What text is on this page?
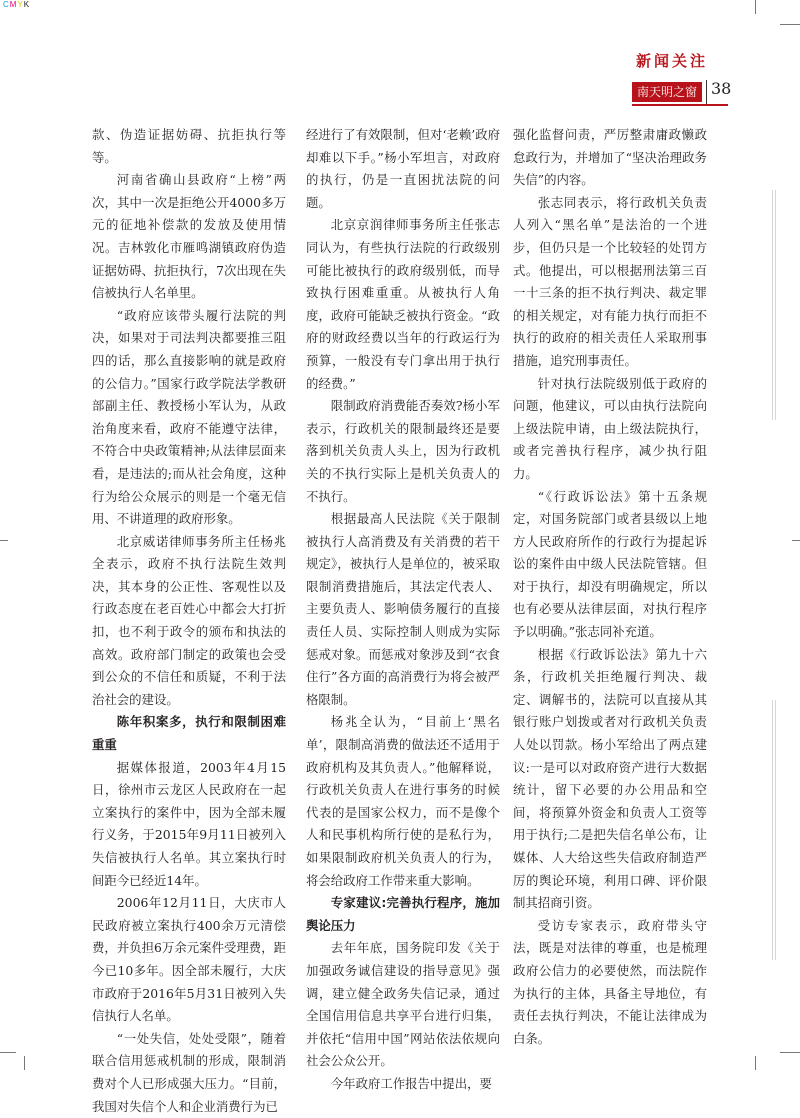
CMYK
新闻关注
南天明之窗 38

款、伪造证据妨碍、抗拒执行等等。

河南省确山县政府“上榜”两次，其中一次是拒绝公开4000多万元的征地补偿款的发放及使用情况。吉林敦化市雁鸣湖镇政府伪造证据妨碍、抗拒执行，7次出现在失信被执行人名单里。

“政府应该带头履行法院的判决，如果对于司法判决都要推三阻四的话，那么直接影响的就是政府的公信力。”国家行政学院法学教研部副主任、教授杨小军认为，从政治角度来看，政府不能遵守法律，不符合中央政策精神;从法律层面来看，是违法的;而从社会角度，这种行为给公众展示的则是一个毫无信用、不讲道理的政府形象。

北京威诺律师事务所主任杨兆全表示，政府不执行法院生效判决，其本身的公正性、客观性以及行政态度在老百姓心中都会大打折扣，也不利于政令的颁布和执法的高效。政府部门制定的政策也会受到公众的不信任和质疑，不利于法治社会的建设。

陈年积案多，执行和限制困难重重

据媒体报道，2003年4月15日，徐州市云龙区人民政府在一起立案执行的案件中，因为全部未履行义务，于2015年9月11日被列入失信被执行人名单。其立案执行时间距今已经近14年。

2006年12月11日，大庆市人民政府被立案执行400余万元清偿费，并负担6万余元案件受理费，距今已10多年。因全部未履行，大庆市政府于2016年5月31日被列入失信执行人名单。

“一处失信，处处受限”，随着联合信用惩戒机制的形成，限制消费对个人已形成强大压力。“目前，我国对失信个人和企业消费行为已

经进行了有效限制，但对‘老赖’政府却难以下手。”杨小军坦言，对政府的执行，仍是一直困扰法院的问题。

北京京润律师事务所主任张志同认为，有些执行法院的行政级别可能比被执行的政府级别低，而导致执行困难重重。从被执行人角度，政府可能缺乏被执行资金。“政府的财政经费以当年的行政运行为预算，一般没有专门拿出用于执行的经费。”

限制政府消费能否奏效?杨小军表示，行政机关的限制最终还是要落到机关负责人头上，因为行政机关的不执行实际上是机关负责人的不执行。

根据最高人民法院《关于限制被执行人高消费及有关消费的若干规定》，被执行人是单位的，被采取限制消费措施后，其法定代表人、主要负责人、影响债务履行的直接责任人员、实际控制人则成为实际惩戒对象。而惩戒对象涉及到“衣食住行”各方面的高消费行为将会被严格限制。

杨兆全认为，“目前上‘黑名单’，限制高消费的做法还不适用于政府机构及其负责人。”他解释说，行政机关负责人在进行事务的时候代表的是国家公权力，而不是像个人和民事机构所行使的是私行为，如果限制政府机关负责人的行为，将会给政府工作带来重大影响。

专家建议:完善执行程序，施加舆论压力

去年年底，国务院印发《关于加强政务诚信建设的指导意见》强调，建立健全政务失信记录，通过全国信用信息共享平台进行归集，并依托“信用中国”网站依法依规向社会公众公开。

今年政府工作报告中提出，要

强化监督问责，严厉整肃庸政懒政怠政行为，并增加了“坚决治理政务失信”的内容。

张志同表示，将行政机关负责人列入“黑名单”是法治的一个进步，但仍只是一个比较轻的处罚方式。他提出，可以根据刑法第三百一十三条的拒不执行判决、裁定罪的相关规定，对有能力执行而拒不执行的政府的相关责任人采取刑事措施，追究刑事责任。

针对执行法院级别低于政府的问题，他建议，可以由执行法院向上级法院申请，由上级法院执行，或者完善执行程序，减少执行阻力。

“《行政诉讼法》第十五条规定，对国务院部门或者县级以上地方人民政府所作的行政行为提起诉讼的案件由中级人民法院管辖。但对于执行，却没有明确规定，所以也有必要从法律层面，对执行程序予以明确。”张志同补充道。

根据《行政诉讼法》第九十六条，行政机关拒绝履行判决、裁定、调解书的，法院可以直接从其银行账户划拨或者对行政机关负责人处以罚款。杨小军给出了两点建议:一是可以对政府资产进行大数据统计，留下必要的办公用品和空间，将预算外资金和负责人工资等用于执行;二是把失信名单公布，让媒体、人大给这些失信政府制造严厉的舆论环境，利用口碑、评价限制其招商引资。

受访专家表示，政府带头守法，既是对法律的尊重，也是梳理政府公信力的必要使然，而法院作为执行的主体，具备主导地位，有责任去执行判决，不能让法律成为白条。
